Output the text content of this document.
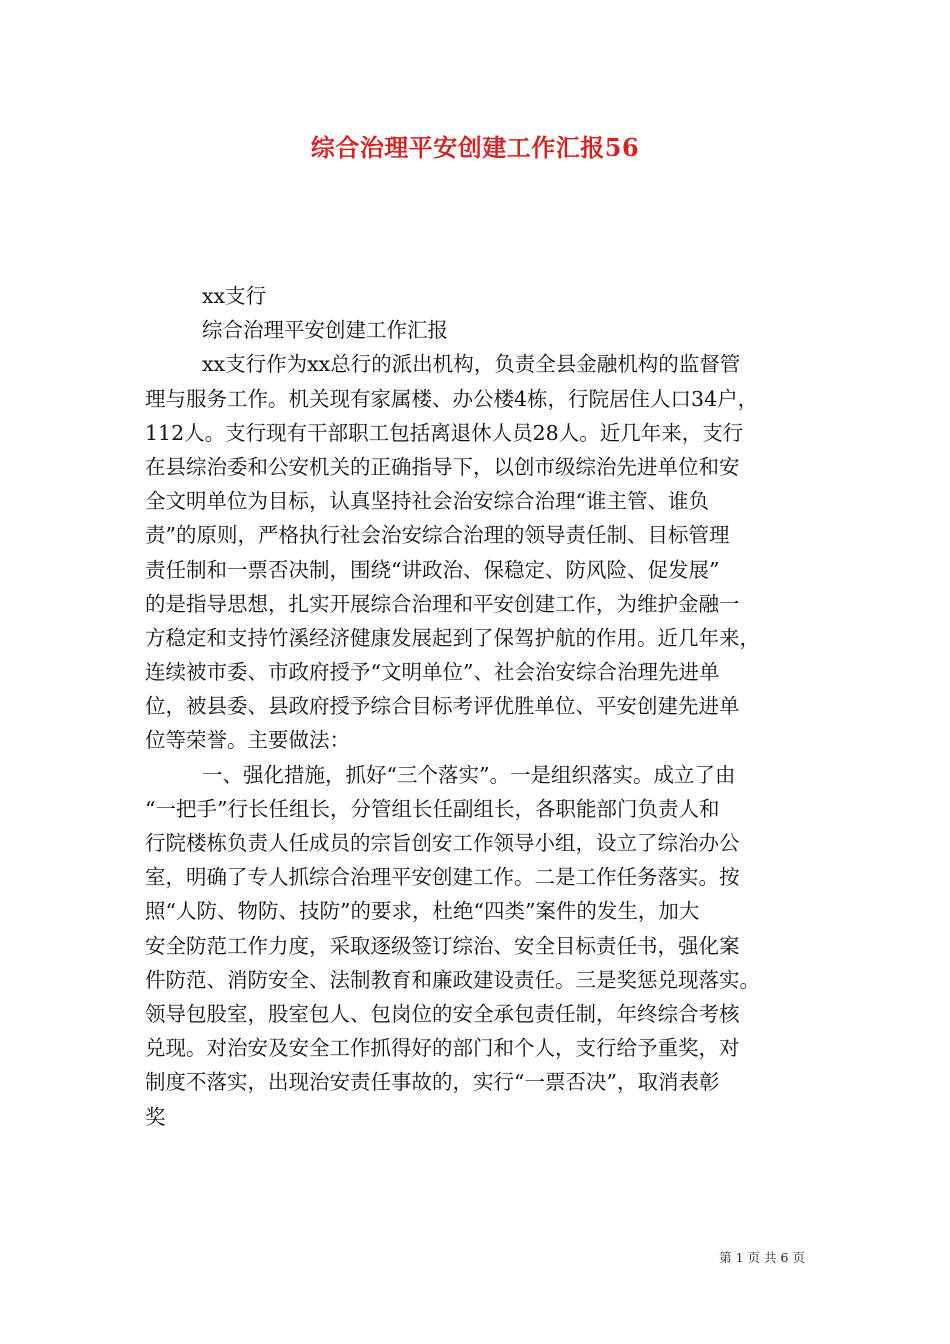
综合治理平安创建工作汇报56
xx支行
综合治理平安创建工作汇报
xx支行作为xx总行的派出机构，负责全县金融机构的监督管
理与服务工作。机关现有家属楼、办公楼4栋，行院居住人口34户，
112人。支行现有干部职工包括离退休人员28人。近几年来，支行
在县综治委和公安机关的正确指导下，以创市级综治先进单位和安
全文明单位为目标，认真坚持社会治安综合治理“谁主管、谁负
责”的原则，严格执行社会治安综合治理的领导责任制、目标管理
责任制和一票否决制，围绕“讲政治、保稳定、防风险、促发展”
的是指导思想，扎实开展综合治理和平安创建工作，为维护金融一
方稳定和支持竹溪经济健康发展起到了保驾护航的作用。近几年来，
连续被市委、市政府授予“文明单位”、社会治安综合治理先进单
位，被县委、县政府授予综合目标考评优胜单位、平安创建先进单
位等荣誉。主要做法：
一、强化措施，抓好“三个落实”。一是组织落实。成立了由
“一把手”行长任组长，分管组长任副组长，各职能部门负责人和
行院楼栋负责人任成员的宗旨创安工作领导小组，设立了综治办公
室，明确了专人抓综合治理平安创建工作。二是工作任务落实。按
照“人防、物防、技防”的要求，杜绝“四类”案件的发生，加大
安全防范工作力度，采取逐级签订综治、安全目标责任书，强化案
件防范、消防安全、法制教育和廉政建设责任。三是奖惩兑现落实。
领导包股室，股室包人、包岗位的安全承包责任制，年终综合考核
兑现。对治安及安全工作抓得好的部门和个人，支行给予重奖，对
制度不落实，出现治安责任事故的，实行“一票否决”，取消表彰
奖
第 1 页 共 6 页
